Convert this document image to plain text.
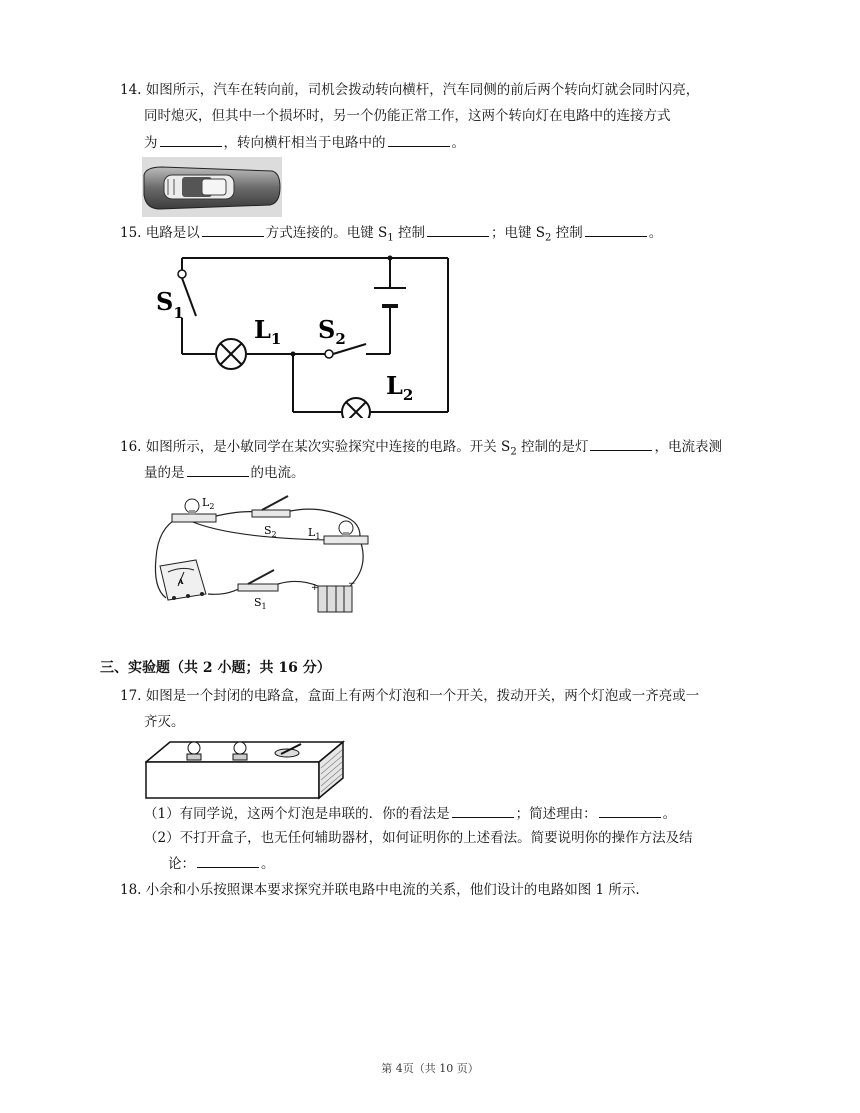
14. 如图所示，汽车在转向前，司机会拨动转向横杆，汽车同侧的前后两个转向灯就会同时闪亮，
同时熄灭，但其中一个损坏时，另一个仍能正常工作，这两个转向灯在电路中的连接方式
为	，转向横杆相当于电路中的	。
15. 电路是以	方式连接的。电键 $S_1$ 控制	；电键 $S_2$ 控制	。
$S_1$
$L_1$ $S_2$
$L_2$
16. 如图所示，是小敏同学在某次实验探究中连接的电路。开关 $S_2$ 控制的是灯	，电流表测
量的是	的电流。
$L_2$
$S_2$	$L_1$
$S_1$
A
+	−
三、实验题（共 2 小题；共 16 分）
17. 如图是一个封闭的电路盒，盒面上有两个灯泡和一个开关，拨动开关，两个灯泡或一齐亮或一
齐灭。
（1）有同学说，这两个灯泡是串联的．你的看法是	；简述理由：	。
（2）不打开盒子，也无任何辅助器材，如何证明你的上述看法。简要说明你的操作方法及结
论：	。
18. 小余和小乐按照课本要求探究并联电路中电流的关系，他们设计的电路如图 1 所示.
第 4页（共 10 页）
